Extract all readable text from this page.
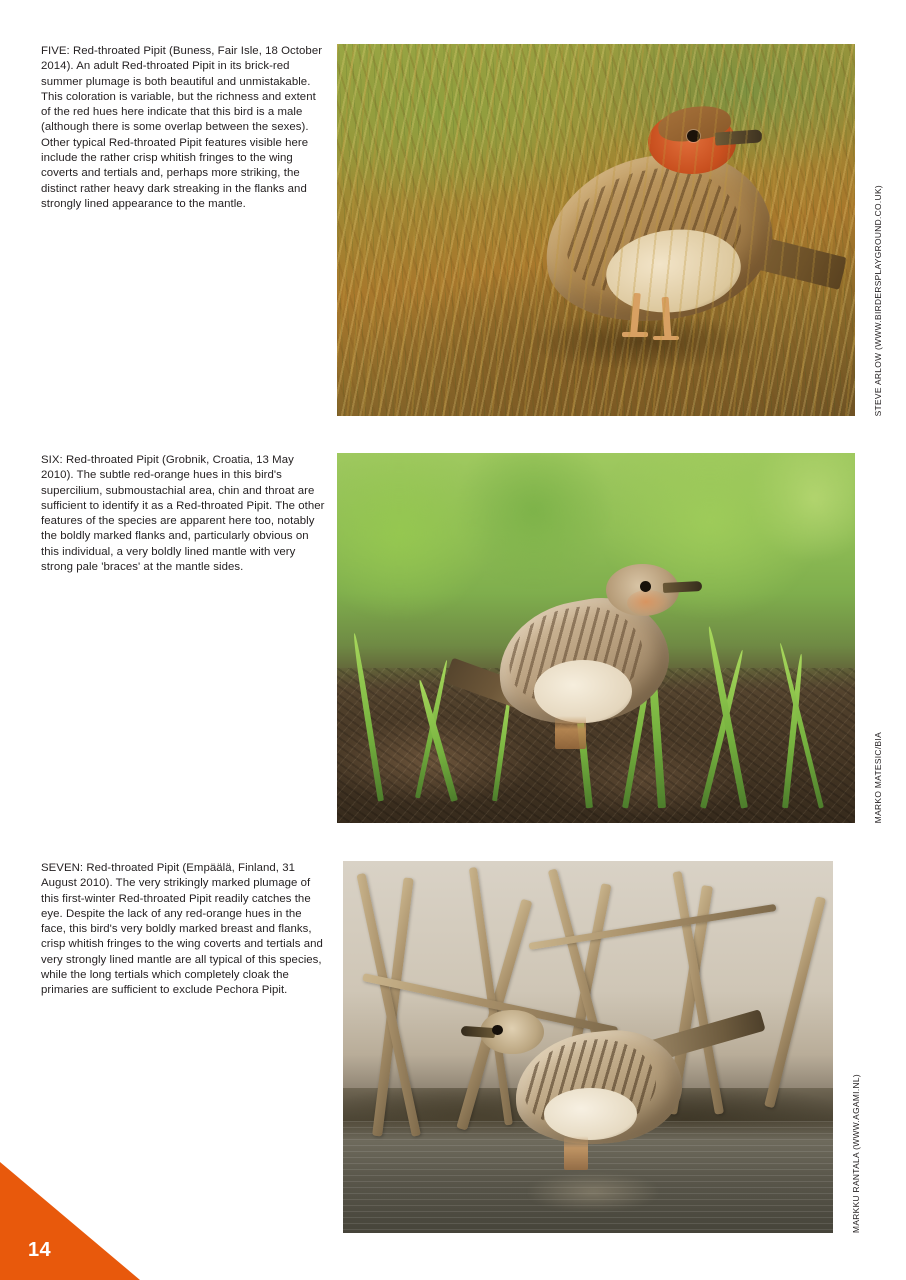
FIVE: Red-throated Pipit (Buness, Fair Isle, 18 October 2014). An adult Red-throated Pipit in its brick-red summer plumage is both beautiful and unmistakable. This coloration is variable, but the richness and extent of the red hues here indicate that this bird is a male (although there is some overlap between the sexes). Other typical Red-throated Pipit features visible here include the rather crisp whitish fringes to the wing coverts and tertials and, perhaps more striking, the distinct rather heavy dark streaking in the flanks and strongly lined appearance to the mantle.	STEVE ARLOW (WWW.BIRDERSPLAYGROUND.CO.UK)
SIX: Red-throated Pipit (Grobnik, Croatia, 13 May 2010). The subtle red-orange hues in this bird's supercilium, submoustachial area, chin and throat are sufficient to identify it as a Red-throated Pipit. The other features of the species are apparent here too, notably the boldly marked flanks and, particularly obvious on this individual, a very boldly lined mantle with very strong pale 'braces' at the mantle sides.
MARKO MATESIC/BIA
SEVEN: Red-throated Pipit (Empäälä, Finland, 31 August 2010). The very strikingly marked plumage of this first-winter Red-throated Pipit readily catches the eye. Despite the lack of any red-orange hues in the face, this bird's very boldly marked breast and flanks, crisp whitish fringes to the wing coverts and tertials and very strongly lined mantle are all typical of this species, while the long tertials which completely cloak the primaries are sufficient to exclude Pechora Pipit.
MARKKU RANTALA (WWW.AGAMI.NL)
14
